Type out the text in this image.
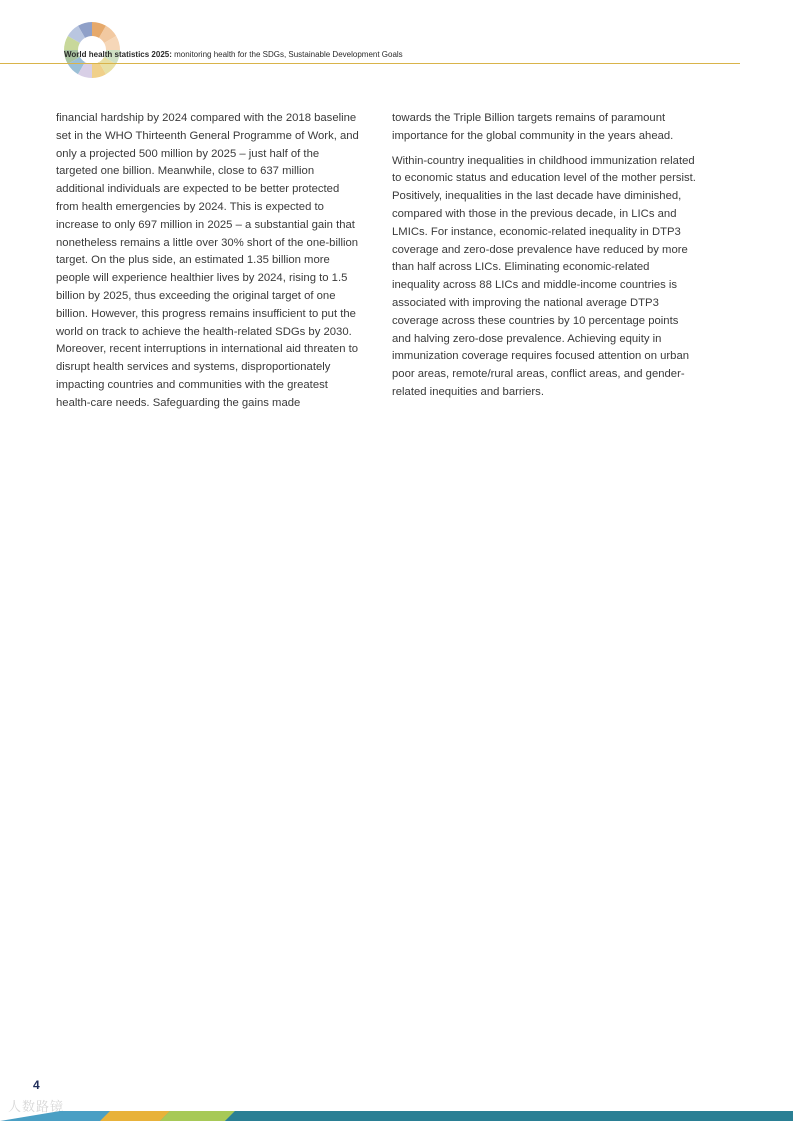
World health statistics 2025: monitoring health for the SDGs, Sustainable Development Goals

financial hardship by 2024 compared with the 2018 baseline set in the WHO Thirteenth General Programme of Work, and only a projected 500 million by 2025 – just half of the targeted one billion. Meanwhile, close to 637 million additional individuals are expected to be better protected from health emergencies by 2024. This is expected to increase to only 697 million in 2025 – a substantial gain that nonetheless remains a little over 30% short of the one-billion target. On the plus side, an estimated 1.35 billion more people will experience healthier lives by 2024, rising to 1.5 billion by 2025, thus exceeding the original target of one billion. However, this progress remains insufficient to put the world on track to achieve the health-related SDGs by 2030. Moreover, recent interruptions in international aid threaten to disrupt health services and systems, disproportionately impacting countries and communities with the greatest health-care needs. Safeguarding the gains made

towards the Triple Billion targets remains of paramount importance for the global community in the years ahead.

Within-country inequalities in childhood immunization related to economic status and education level of the mother persist. Positively, inequalities in the last decade have diminished, compared with those in the previous decade, in LICs and LMICs. For instance, economic-related inequality in DTP3 coverage and zero-dose prevalence have reduced by more than half across LICs. Eliminating economic-related inequality across 88 LICs and middle-income countries is associated with improving the national average DTP3 coverage across these countries by 10 percentage points and halving zero-dose prevalence. Achieving equity in immunization coverage requires focused attention on urban poor areas, remote/rural areas, conflict areas, and gender-related inequities and barriers.

4
人数路镜
